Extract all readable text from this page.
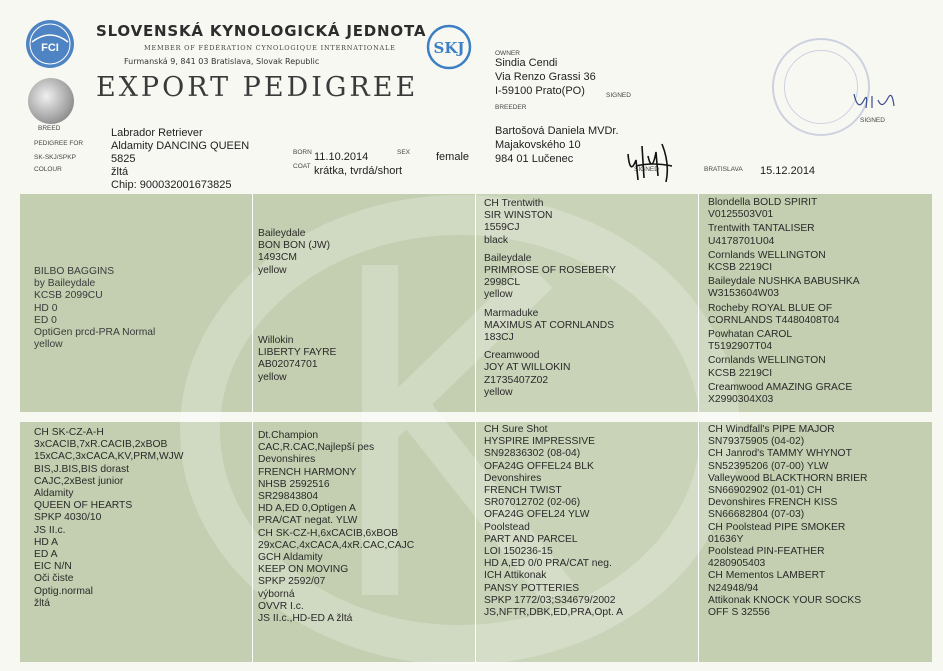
FCI
SLOVENSKÁ KYNOLOGICKÁ JEDNOTA
MEMBER OF FÉDÉRATION CYNOLOGIQUE INTERNATIONALE
Furmanská 9, 841 03 Bratislava, Slovak Republic
EXPORT PEDIGREE
SKJ
BREED
PEDIGREE FOR
SK-SKJ/SPKP
COLOUR
Labrador Retriever
Aldamity DANCING QUEEN
5825
žltá
Chip: 900032001673825
BORN 11.10.2014
COAT krátka, tvrdá/short
SEX female
OWNER
Sindia Cendi
Via Renzo Grassi 36
I-59100 Prato(PO)	SIGNED
BREEDER
Bartošová Daniela MVDr.
Majakovského 10
984 01 Lučenec
SIGNED	BRATISLAVA 15.12.2014
SIGNED
BILBO BAGGINS
by Baileydale
KCSB 2099CU
HD 0
ED 0
OptiGen prcd-PRA Normal
yellow
CH SK-CZ-A-H
3xCACIB,7xR.CACIB,2xBOB
15xCAC,3xCACA,KV,PRM,WJW
BIS,J.BIS,BIS dorast
CAJC,2xBest junior
Aldamity
QUEEN OF HEARTS
SPKP 4030/10
JS II.c.
HD A
ED A
EIC N/N
Oči čiste
Optig.normal
žltá
Baileydale
BON BON (JW)
1493CM
yellow
Willokin
LIBERTY FAYRE
AB02074701
yellow
Dt.Champion
CAC,R.CAC,Najlepší pes
Devonshires
FRENCH HARMONY
NHSB 2592516
SR29843804
HD A,ED 0,Optigen A
PRA/CAT negat. YLW
CH SK-CZ-H,6xCACIB,6xBOB
29xCAC,4xCACA,4xR.CAC,CAJC
GCH Aldamity
KEEP ON MOVING
SPKP 2592/07
výborná
OVVR I.c.
JS II.c.,HD-ED A žltá
CH Trentwith
SIR WINSTON
1559CJ
black
Baileydale
PRIMROSE OF ROSEBERY
2998CL
yellow
Marmaduke
MAXIMUS AT CORNLANDS
183CJ
Creamwood
JOY AT WILLOKIN
Z1735407Z02
yellow
CH Sure Shot
HYSPIRE IMPRESSIVE
SN92836302 (08-04)
OFA24G OFFEL24 BLK
Devonshires
FRENCH TWIST
SR07012702 (02-06)
OFA24G OFEL24 YLW
Poolstead
PART AND PARCEL
LOI 150236-15
HD A,ED 0/0 PRA/CAT neg.
ICH Attikonak
PANSY POTTERIES
SPKP 1772/03;S34679/2002
JS,NFTR,DBK,ED,PRA,Opt. A
Blondella BOLD SPIRIT
V0125503V01
Trentwith TANTALISER
U4178701U04
Cornlands WELLINGTON
KCSB 2219CI
Baileydale NUSHKA BABUSHKA
W3153604W03
Rocheby ROYAL BLUE OF
CORNLANDS T4480408T04
Powhatan CAROL
T5192907T04
Cornlands WELLINGTON
KCSB 2219CI
Creamwood AMAZING GRACE
X2990304X03
CH Windfall's PIPE MAJOR
SN79375905 (04-02)
CH Janrod's TAMMY WHYNOT
SN52395206 (07-00) YLW
Valleywood BLACKTHORN BRIER
SN66902902 (01-01) CH
Devonshires FRENCH KISS
SN66682804 (07-03)
CH Poolstead PIPE SMOKER
01636Y
Poolstead PIN-FEATHER
4280905403
CH Mementos LAMBERT
N24948/94
Attikonak KNOCK YOUR SOCKS
OFF S 32556
